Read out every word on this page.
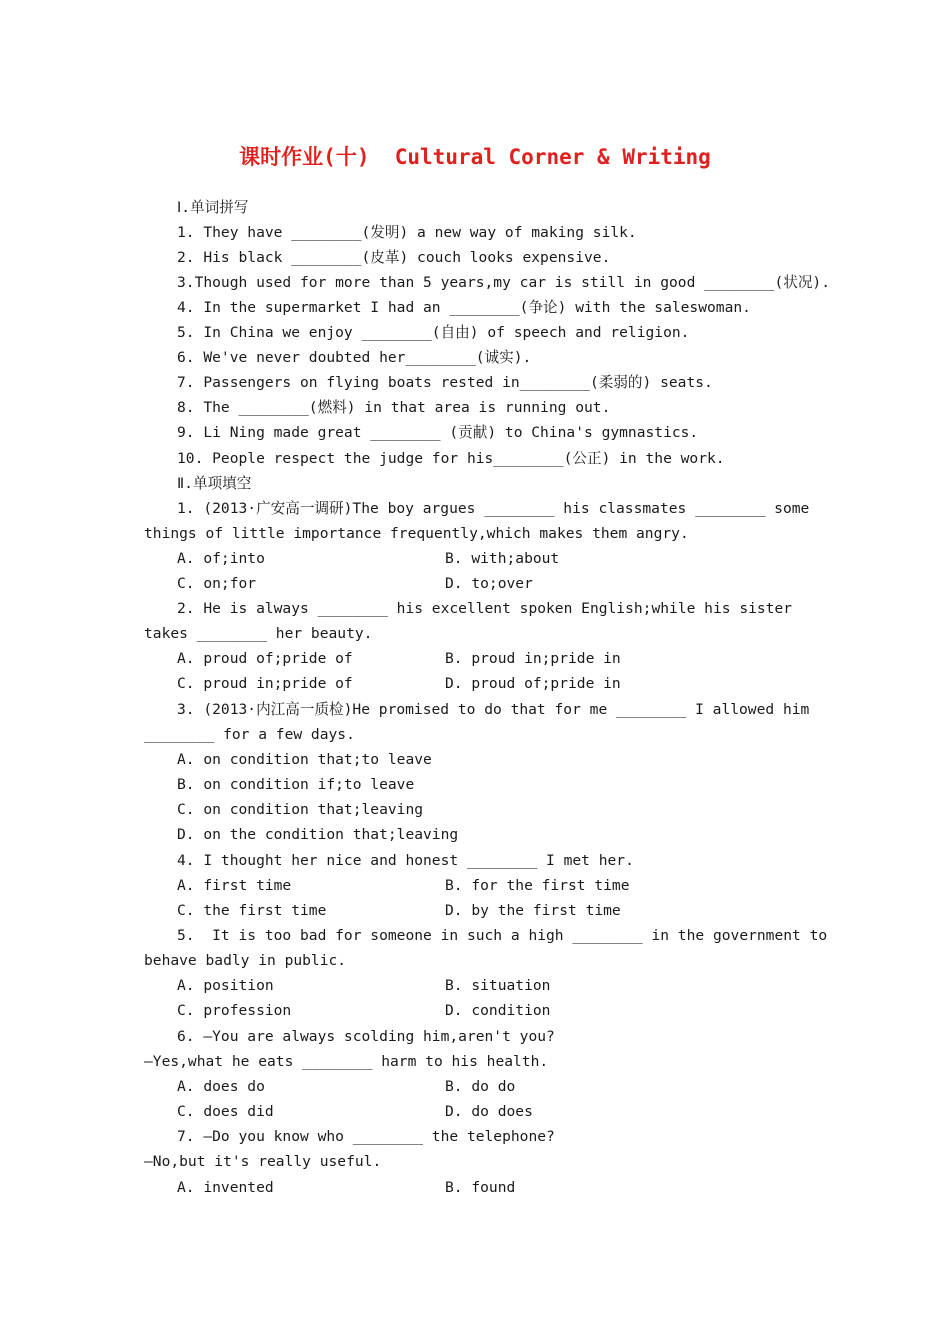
课时作业(十)  Cultural Corner & Writing
Ⅰ.单词拼写
1. They have ________(发明) a new way of making silk.
2. His black ________(皮革) couch looks expensive.
3.Though used for more than 5 years,my car is still in good ________(状况).
4. In the supermarket I had an ________(争论) with the saleswoman.
5. In China we enjoy ________(自由) of speech and religion.
6. We've never doubted her________(诚实).
7. Passengers on flying boats rested in________(柔弱的) seats.
8. The ________(燃料) in that area is running out.
9. Li Ning made great ________ (贡献) to China's gymnastics.
10. People respect the judge for his________(公正) in the work.
Ⅱ.单项填空
1. (2013·广安高一调研)The boy argues ________ his classmates ________ some
things of little importance frequently,which makes them angry.
A. of;into	B. with;about
C. on;for	D. to;over
2. He is always ________ his excellent spoken English;while his sister
takes ________ her beauty.
A. proud of;pride of	B. proud in;pride in
C. proud in;pride of	D. proud of;pride in
3. (2013·内江高一质检)He promised to do that for me ________ I allowed him
________ for a few days.
A. on condition that;to leave
B. on condition if;to leave
C. on condition that;leaving
D. on the condition that;leaving
4. I thought her nice and honest ________ I met her.
A. first time	B. for the first time
C. the first time	D. by the first time
5.  It is too bad for someone in such a high ________ in the government to
behave badly in public.
A. position	B. situation
C. profession	D. condition
6. —You are always scolding him,aren't you?
—Yes,what he eats ________ harm to his health.
A. does do	B. do do
C. does did	D. do does
7. —Do you know who ________ the telephone?
—No,but it's really useful.
A. invented	B. found
